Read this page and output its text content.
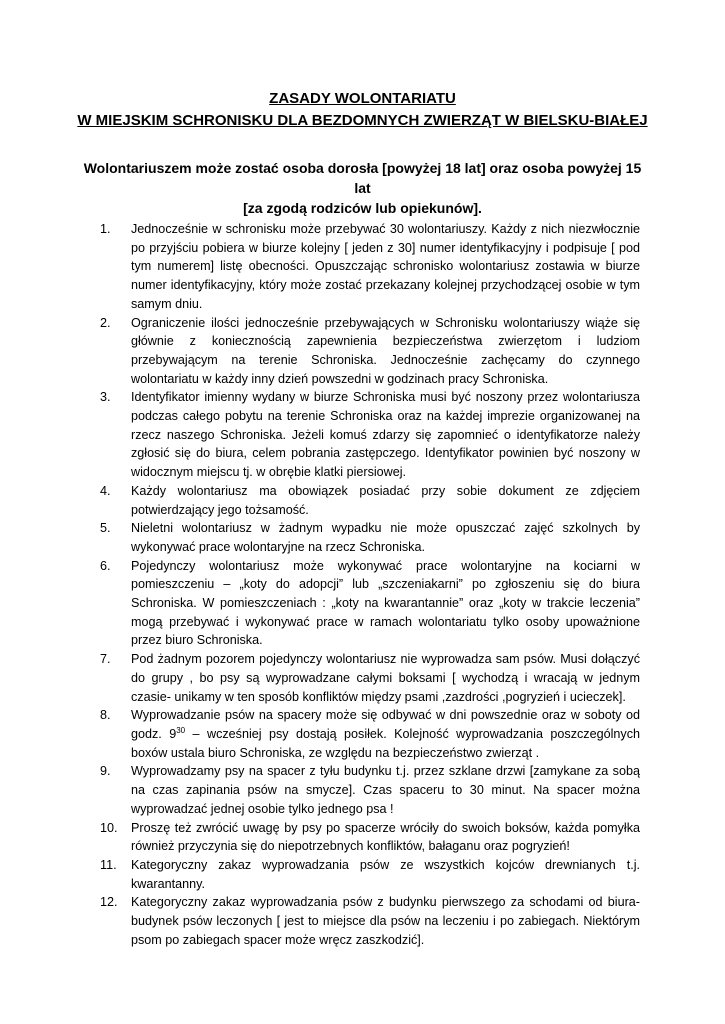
ZASADY WOLONTARIATU
W MIEJSKIM SCHRONISKU DLA BEZDOMNYCH ZWIERZĄT W BIELSKU-BIAŁEJ

Wolontariuszem może zostać osoba dorosła [powyżej 18 lat] oraz osoba powyżej 15 lat
[za zgodą rodziców lub opiekunów].

1.	Jednocześnie w schronisku może przebywać 30 wolontariuszy. Każdy z nich niezwłocznie po przyjściu pobiera w biurze kolejny [ jeden z 30] numer identyfikacyjny i podpisuje [ pod tym numerem] listę obecności. Opuszczając schronisko wolontariusz zostawia w biurze numer identyfikacyjny, który może zostać przekazany kolejnej przychodzącej osobie w tym samym dniu.
2.	Ograniczenie ilości jednocześnie przebywających w Schronisku wolontariuszy wiąże się głównie z koniecznością zapewnienia bezpieczeństwa zwierzętom i ludziom przebywającym na terenie Schroniska. Jednocześnie zachęcamy do czynnego wolontariatu w każdy inny dzień powszedni w godzinach pracy Schroniska.
3.	Identyfikator imienny wydany w biurze Schroniska musi być noszony przez wolontariusza podczas całego pobytu na terenie Schroniska oraz na każdej imprezie organizowanej na rzecz naszego Schroniska. Jeżeli komuś zdarzy się zapomnieć o identyfikatorze należy zgłosić się do biura, celem pobrania zastępczego. Identyfikator powinien być noszony w widocznym miejscu tj. w obrębie klatki piersiowej.
4.	Każdy wolontariusz ma obowiązek posiadać przy sobie dokument ze zdjęciem potwierdzający jego tożsamość.
5.	Nieletni wolontariusz w żadnym wypadku nie może opuszczać zajęć szkolnych by wykonywać prace wolontaryjne na rzecz Schroniska.
6.	Pojedynczy wolontariusz może wykonywać prace wolontaryjne na kociarni w pomieszczeniu – „koty do adopcji” lub „szczeniakarni” po zgłoszeniu się do biura Schroniska. W pomieszczeniach : „koty na kwarantannie” oraz „koty w trakcie leczenia” mogą przebywać i wykonywać prace w ramach wolontariatu tylko osoby upoważnione przez biuro Schroniska.
7.	Pod żadnym pozorem pojedynczy wolontariusz nie wyprowadza sam psów. Musi dołączyć do grupy , bo psy są wyprowadzane całymi boksami [ wychodzą i wracają w jednym czasie- unikamy w ten sposób konfliktów między psami ,zazdrości ,pogryzień i ucieczek].
8.	Wyprowadzanie psów na spacery może się odbywać w dni powszednie oraz w soboty od godz. $9^{30}$ – wcześniej psy dostają posiłek. Kolejność wyprowadzania poszczególnych boxów ustala biuro Schroniska, ze względu na bezpieczeństwo zwierząt .
9.	Wyprowadzamy psy na spacer z tyłu budynku t.j. przez szklane drzwi [zamykane za sobą na czas zapinania psów na smycze]. Czas spaceru to 30 minut. Na spacer można wyprowadzać jednej osobie tylko jednego psa !
10.	Proszę też zwrócić uwagę by psy po spacerze wróciły do swoich boksów, każda pomyłka również przyczynia się do niepotrzebnych konfliktów, bałaganu oraz pogryzień!
11.	Kategoryczny zakaz wyprowadzania psów ze wszystkich kojców drewnianych t.j. kwarantanny.
12.	Kategoryczny zakaz wyprowadzania psów z budynku pierwszego za schodami od biura- budynek psów leczonych [ jest to miejsce dla psów na leczeniu i po zabiegach. Niektórym psom po zabiegach spacer może wręcz zaszkodzić].
